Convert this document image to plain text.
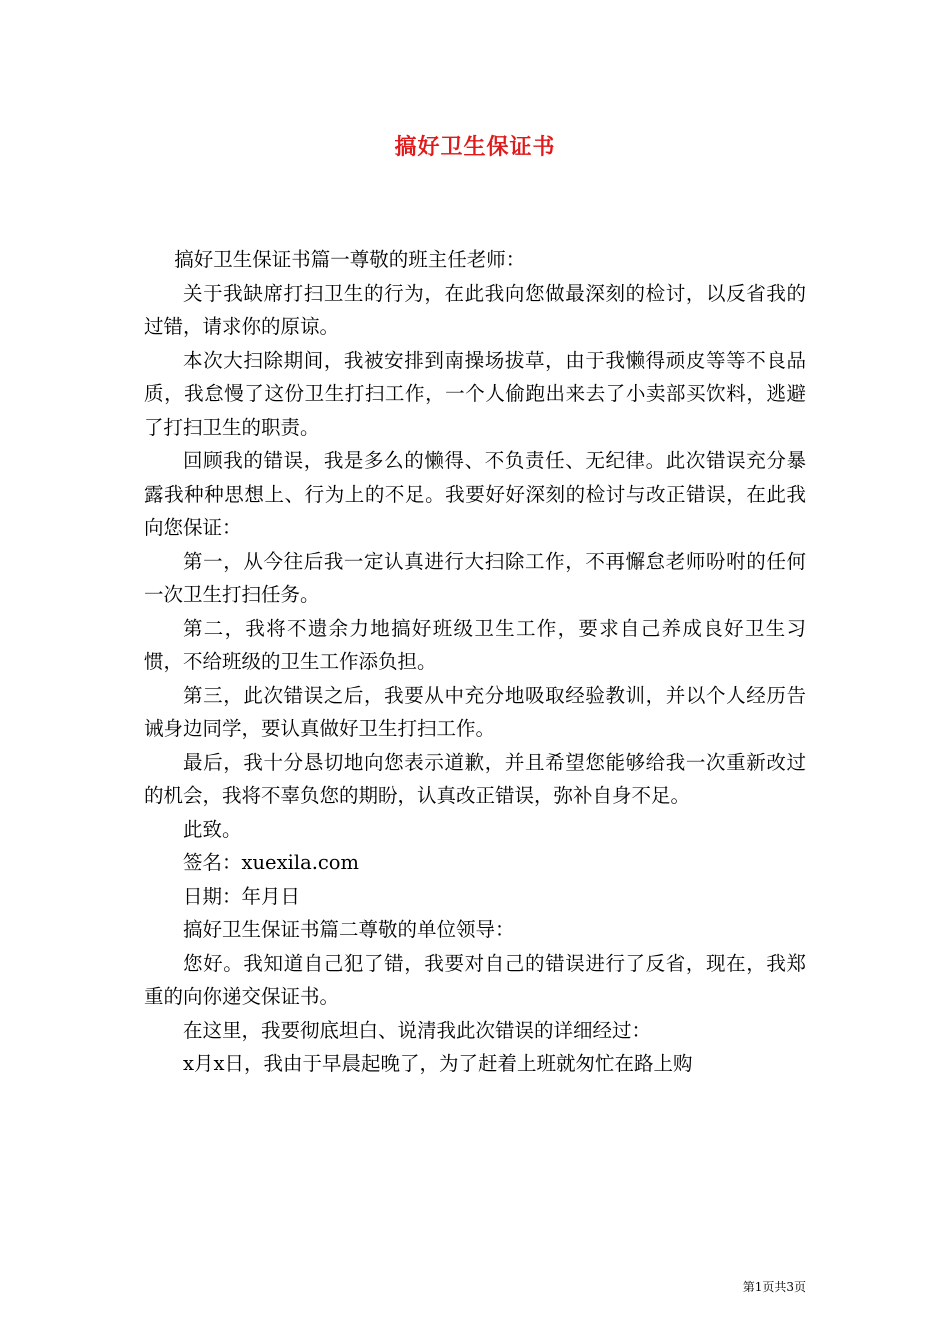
搞好卫生保证书

搞好卫生保证书篇一尊敬的班主任老师：

关于我缺席打扫卫生的行为，在此我向您做最深刻的检讨，以反省我的过错，请求你的原谅。

本次大扫除期间，我被安排到南操场拔草，由于我懒得顽皮等等不良品质，我怠慢了这份卫生打扫工作，一个人偷跑出来去了小卖部买饮料，逃避了打扫卫生的职责。

回顾我的错误，我是多么的懒得、不负责任、无纪律。此次错误充分暴露我种种思想上、行为上的不足。我要好好深刻的检讨与改正错误，在此我向您保证：

第一，从今往后我一定认真进行大扫除工作，不再懈怠老师吩咐的任何一次卫生打扫任务。

第二，我将不遗余力地搞好班级卫生工作，要求自己养成良好卫生习惯，不给班级的卫生工作添负担。

第三，此次错误之后，我要从中充分地吸取经验教训，并以个人经历告诫身边同学，要认真做好卫生打扫工作。

最后，我十分恳切地向您表示道歉，并且希望您能够给我一次重新改过的机会，我将不辜负您的期盼，认真改正错误，弥补自身不足。

此致。

签名：xuexila.com

日期：年月日

搞好卫生保证书篇二尊敬的单位领导：

您好。我知道自己犯了错，我要对自己的错误进行了反省，现在，我郑重的向你递交保证书。

在这里，我要彻底坦白、说清我此次错误的详细经过：

x月x日，我由于早晨起晚了，为了赶着上班就匆忙在路上购

第1页共3页
